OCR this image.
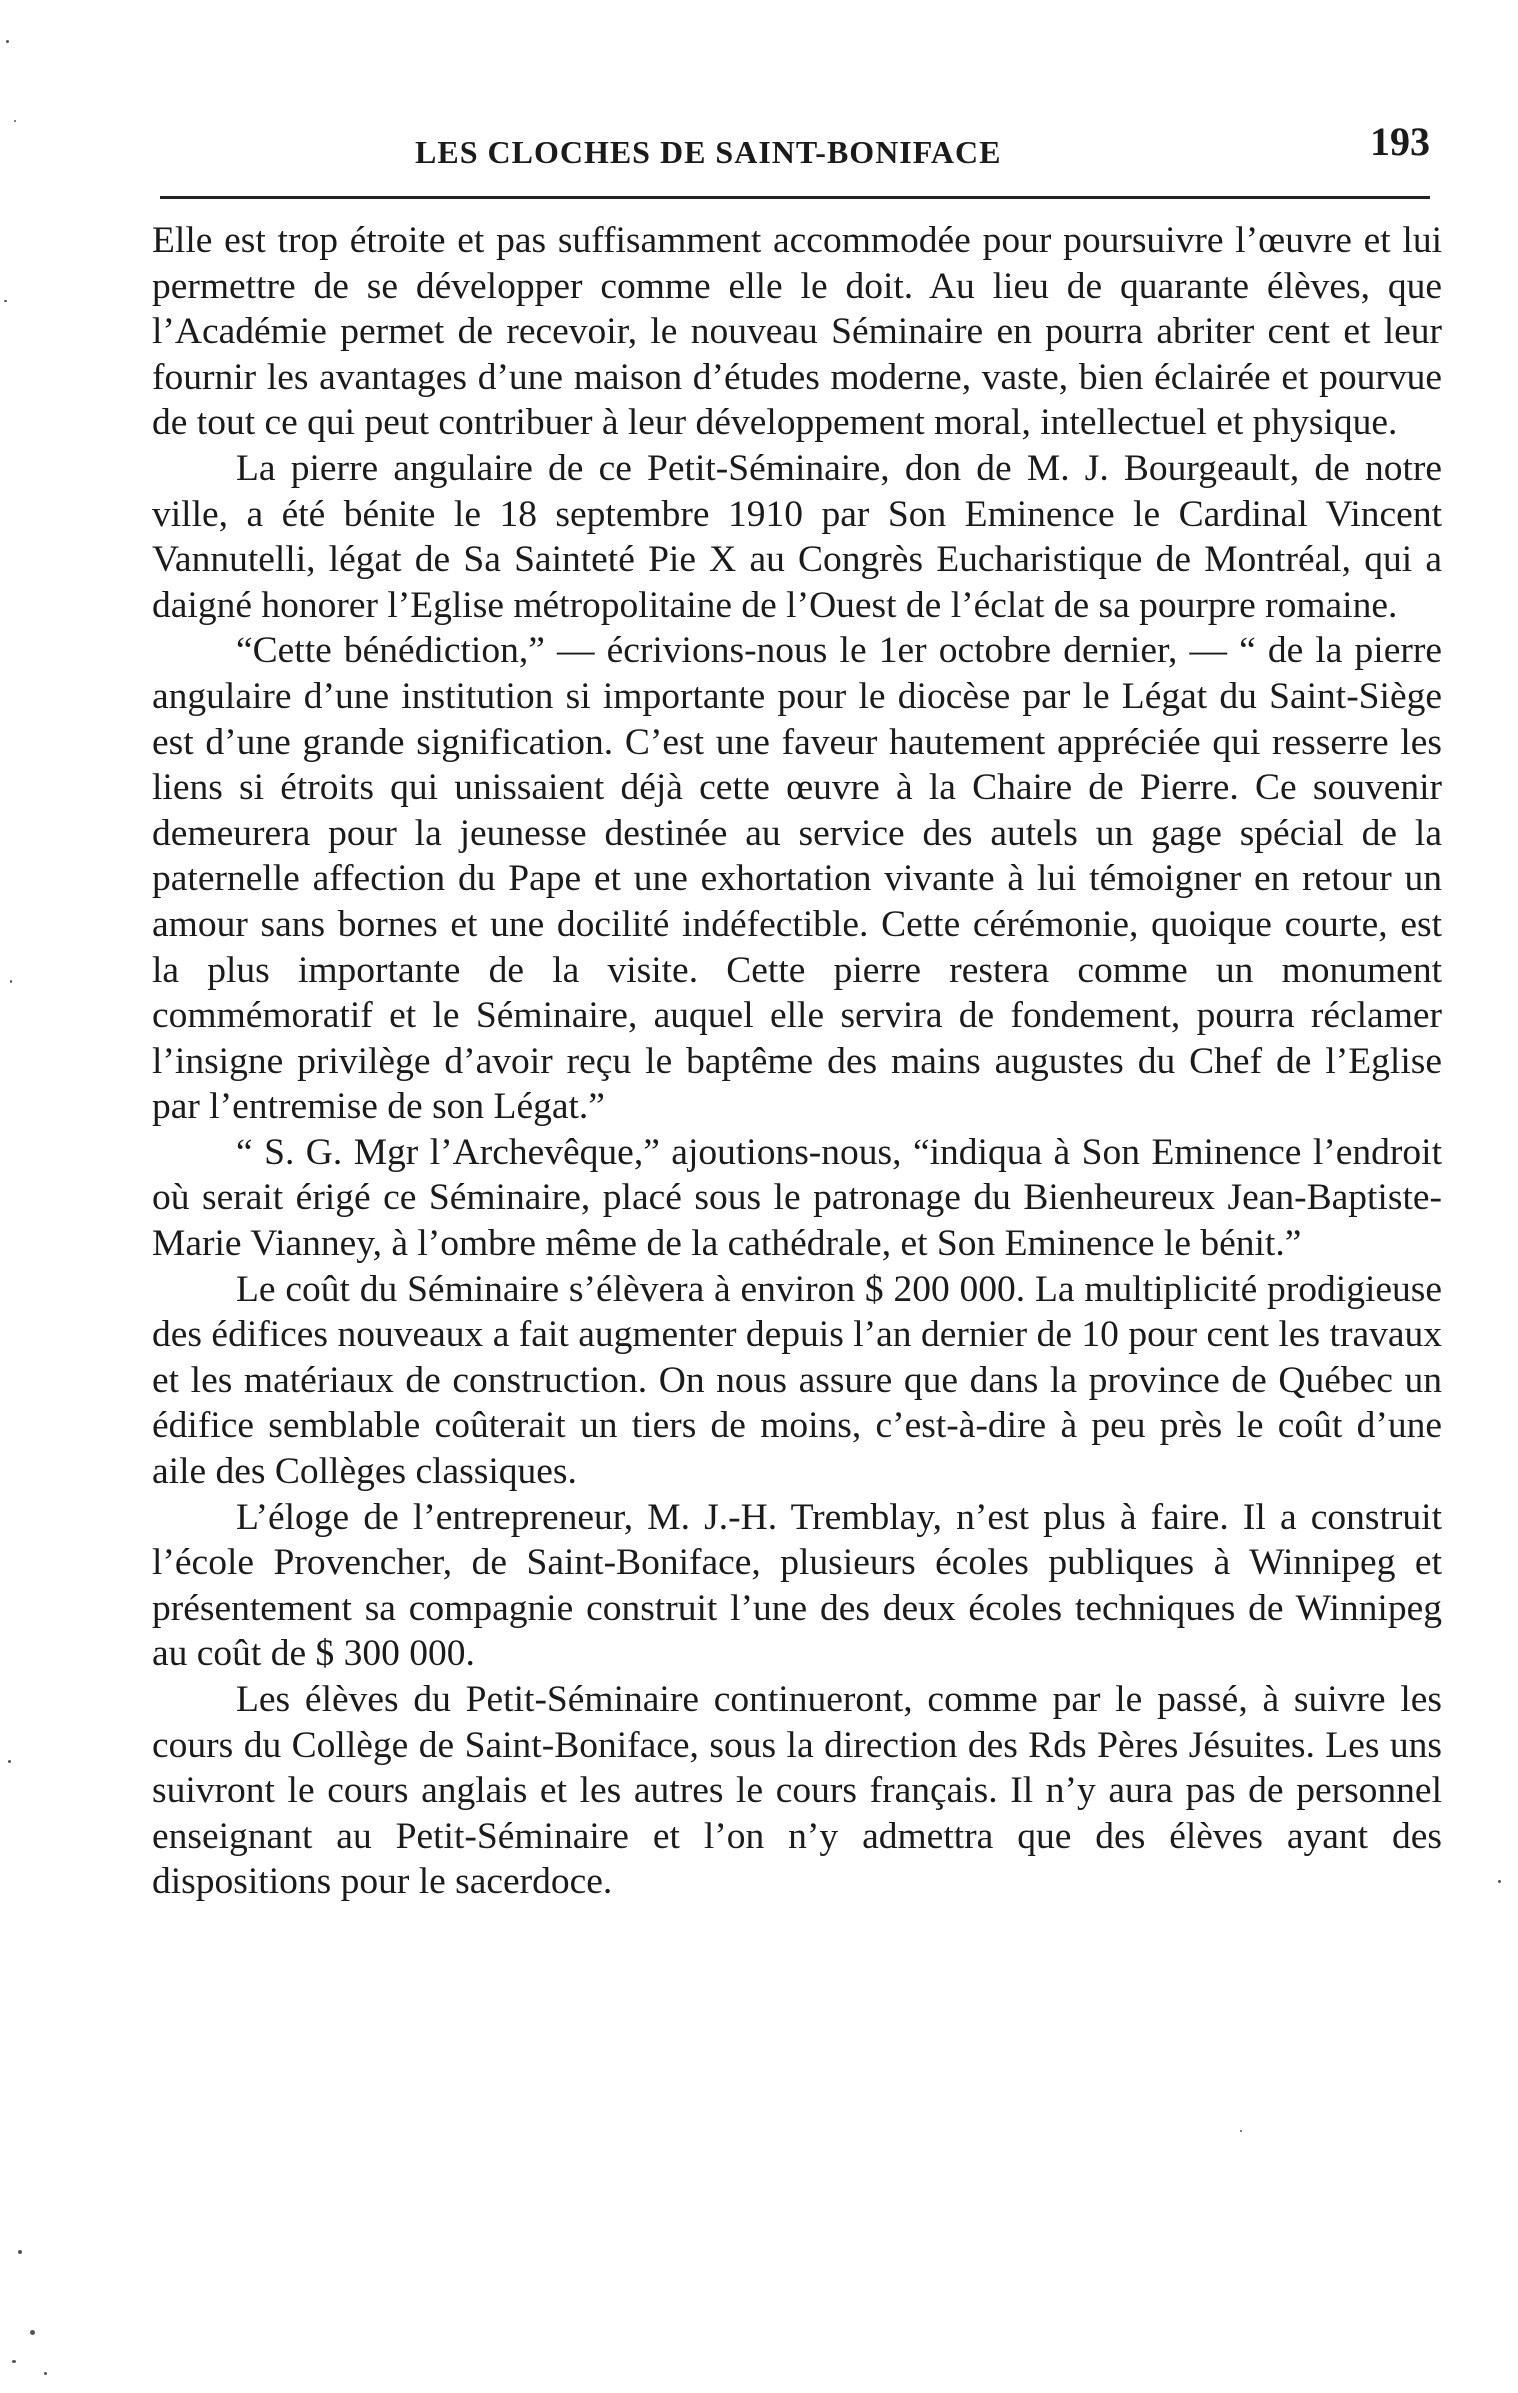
LES CLOCHES DE SAINT-BONIFACE	193

Elle est trop étroite et pas suffisamment accommodée pour poursuivre l’œuvre et lui permettre de se développer comme elle le doit. Au lieu de quarante élèves, que l’Académie permet de recevoir, le nouveau Séminaire en pourra abriter cent et leur fournir les avantages d’une maison d’études moderne, vaste, bien éclairée et pourvue de tout ce qui peut contribuer à leur développement moral, intellectuel et physique.

La pierre angulaire de ce Petit-Séminaire, don de M. J. Bourgeault, de notre ville, a été bénite le 18 septembre 1910 par Son Eminence le Cardinal Vincent Vannutelli, légat de Sa Sainteté Pie X au Congrès Eucharistique de Montréal, qui a daigné honorer l’Eglise métropolitaine de l’Ouest de l’éclat de sa pourpre romaine.

“Cette bénédiction,” — écrivions-nous le 1er octobre dernier, — “ de la pierre angulaire d’une institution si importante pour le diocèse par le Légat du Saint-Siège est d’une grande signification. C’est une faveur hautement appréciée qui resserre les liens si étroits qui unissaient déjà cette œuvre à la Chaire de Pierre. Ce souvenir demeurera pour la jeunesse destinée au service des autels un gage spécial de la paternelle affection du Pape et une exhortation vivante à lui témoigner en retour un amour sans bornes et une docilité indéfectible. Cette cérémonie, quoique courte, est la plus importante de la visite. Cette pierre restera comme un monument commémoratif et le Séminaire, auquel elle servira de fondement, pourra réclamer l’insigne privilège d’avoir reçu le baptême des mains augustes du Chef de l’Eglise par l’entremise de son Légat.”

“ S. G. Mgr l’Archevêque,” ajoutions-nous, “indiqua à Son Eminence l’endroit où serait érigé ce Séminaire, placé sous le patronage du Bienheureux Jean-Baptiste-Marie Vianney, à l’ombre même de la cathédrale, et Son Eminence le bénit.”

Le coût du Séminaire s’élèvera à environ $ 200 000. La multiplicité prodigieuse des édifices nouveaux a fait augmenter depuis l’an dernier de 10 pour cent les travaux et les matériaux de construction. On nous assure que dans la province de Québec un édifice semblable coûterait un tiers de moins, c’est-à-dire à peu près le coût d’une aile des Collèges classiques.

L’éloge de l’entrepreneur, M. J.-H. Tremblay, n’est plus à faire. Il a construit l’école Provencher, de Saint-Boniface, plusieurs écoles publiques à Winnipeg et présentement sa compagnie construit l’une des deux écoles techniques de Winnipeg au coût de $ 300 000.

Les élèves du Petit-Séminaire continueront, comme par le passé, à suivre les cours du Collège de Saint-Boniface, sous la direction des Rds Pères Jésuites. Les uns suivront le cours anglais et les autres le cours français. Il n’y aura pas de personnel enseignant au Petit-Séminaire et l’on n’y admettra que des élèves ayant des dispositions pour le sacerdoce.
